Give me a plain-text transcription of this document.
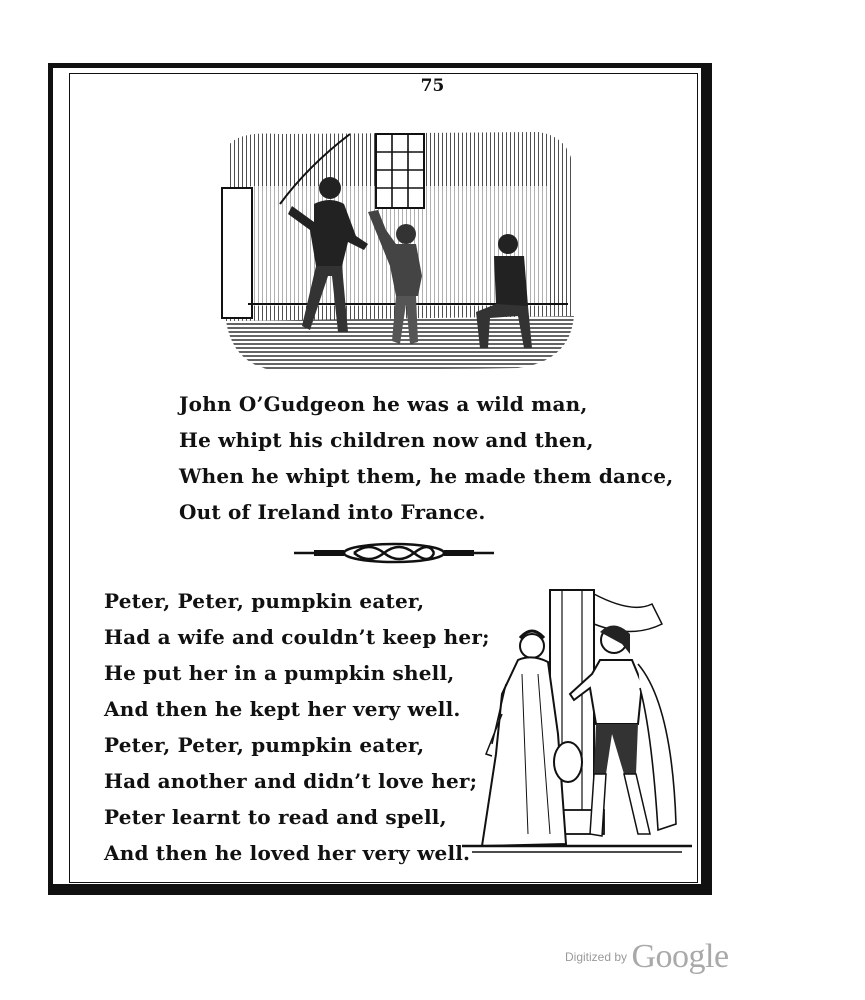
75
John O’Gudgeon he was a wild man,
He whipt his children now and then,
When he whipt them, he made them dance,
Out of Ireland into France.
Peter, Peter, pumpkin eater,
Had a wife and couldn’t keep her;
He put her in a pumpkin shell,
And then he kept her very well.
Peter, Peter, pumpkin eater,
Had another and didn’t love her;
Peter learnt to read and spell,
And then he loved her very well.
Digitized by Google
